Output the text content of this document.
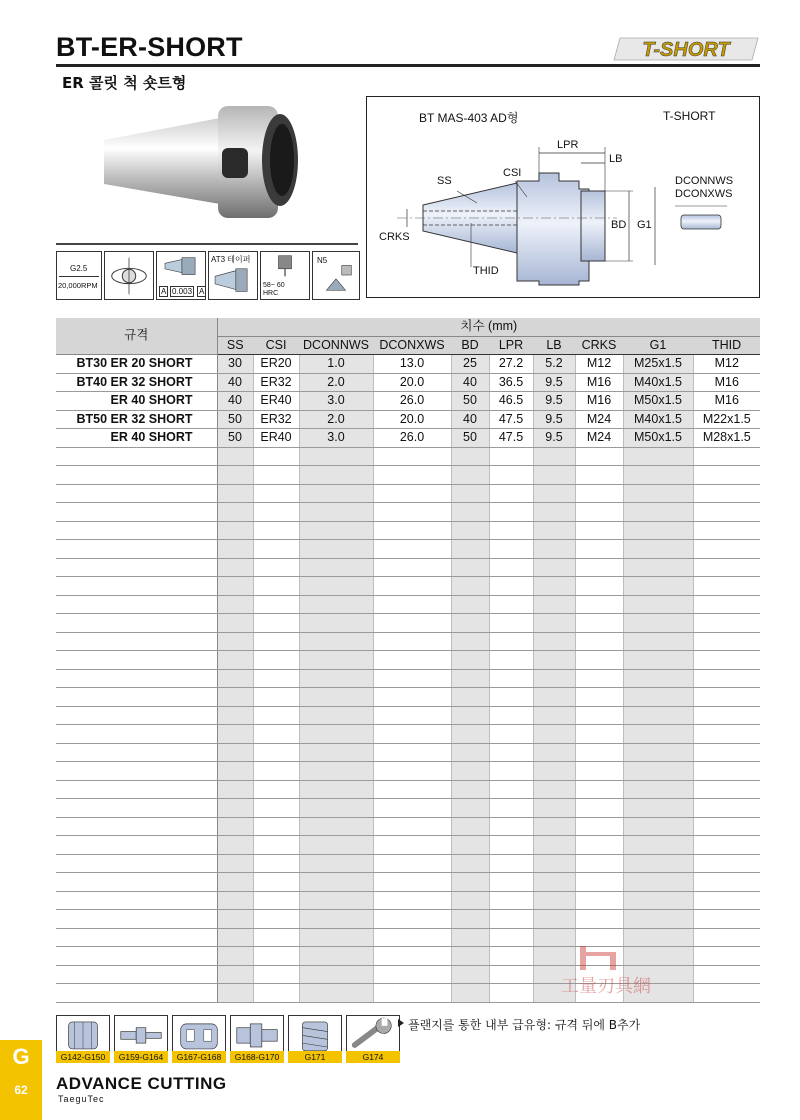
BT-ER-SHORT
ER 콜릿 척 숏트형
T-SHORT
G2.5
20,000RPM
A 0.003 A
AT3 테이퍼
58~ 60 HRC
N5
BT MAS-403 AD형	T-SHORT
LPR
LB
SS
CSI
CRKS
THID
BD G1
DCONNWS
DCONXWS
규격	치수 (mm)									
	SS	CSI	DCONNWS	DCONXWS	BD	LPR	LB	CRKS	G1	THID
BT30 ER 20 SHORT	30	ER20	1.0	13.0	25	27.2	5.2	M12	M25x1.5	M12
BT40 ER 32 SHORT	40	ER32	2.0	20.0	40	36.5	9.5	M16	M40x1.5	M16
ER 40 SHORT	40	ER40	3.0	26.0	50	46.5	9.5	M16	M50x1.5	M16
BT50 ER 32 SHORT	50	ER32	2.0	20.0	40	47.5	9.5	M24	M40x1.5	M22x1.5
ER 40 SHORT	50	ER40	3.0	26.0	50	47.5	9.5	M24	M50x1.5	M28x1.5

工量刃具網
G142-G150	G159-G164	G167-G168	G168-G170	G171	G174
플랜지를 통한 내부 급유형: 규격 뒤에 B추가
G
62	ADVANCE CUTTING
TaeguTec
